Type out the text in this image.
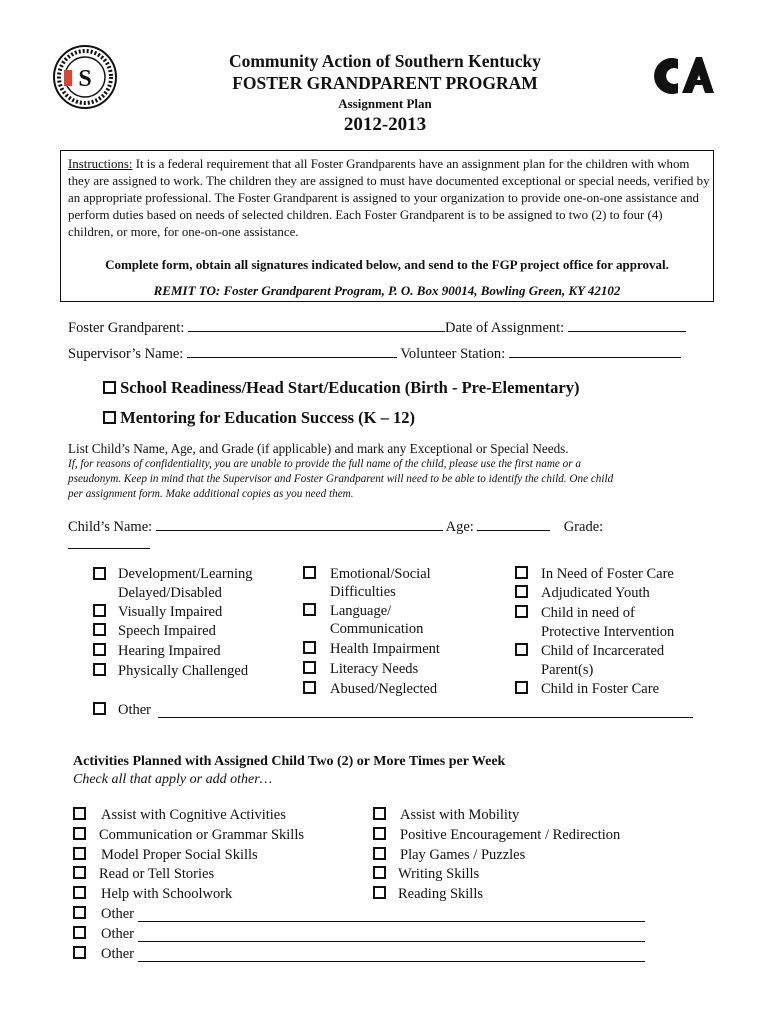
S
Community Action of Southern Kentucky
FOSTER GRANDPARENT PROGRAM
Assignment Plan
2012-2013
Instructions: It is a federal requirement that all Foster Grandparents have an assignment plan for the children with whom they are assigned to work. The children they are assigned to must have documented exceptional or special needs, verified by an appropriate professional. The Foster Grandparent is assigned to your organization to provide one-on-one assistance and perform duties based on needs of selected children. Each Foster Grandparent is to be assigned to two (2) to four (4) children, or more, for one-on-one assistance.
Complete form, obtain all signatures indicated below, and send to the FGP project office for approval.
REMIT TO: Foster Grandparent Program, P. O. Box 90014, Bowling Green, KY 42102
Foster Grandparent:	Date of Assignment:
Supervisor’s Name:	Volunteer Station:
School Readiness/Head Start/Education (Birth - Pre-Elementary)
Mentoring for Education Success (K – 12)
List Child’s Name, Age, and Grade (if applicable) and mark any Exceptional or Special Needs.
If, for reasons of confidentiality, you are unable to provide the full name of the child, please use the first name or a
pseudonym. Keep in mind that the Supervisor and Foster Grandparent will need to be able to identify the child. One child
per assignment form. Make additional copies as you need them.
Child’s Name:	Age:	Grade:
Development/Learning
Delayed/Disabled
Visually Impaired
Speech Impaired
Hearing Impaired
Physically Challenged
Emotional/Social
Difficulties
Language/
Communication
Health Impairment
Literacy Needs
Abused/Neglected
In Need of Foster Care
Adjudicated Youth
Child in need of
Protective Intervention
Child of Incarcerated
Parent(s)
Child in Foster Care
Other
Activities Planned with Assigned Child Two (2) or More Times per Week
Check all that apply or add other…
Assist with Cognitive Activities
Communication or Grammar Skills
Model Proper Social Skills
Read or Tell Stories
Help with Schoolwork
Other
Other
Other
Assist with Mobility
Positive Encouragement / Redirection
Play Games / Puzzles
Writing Skills
Reading Skills
